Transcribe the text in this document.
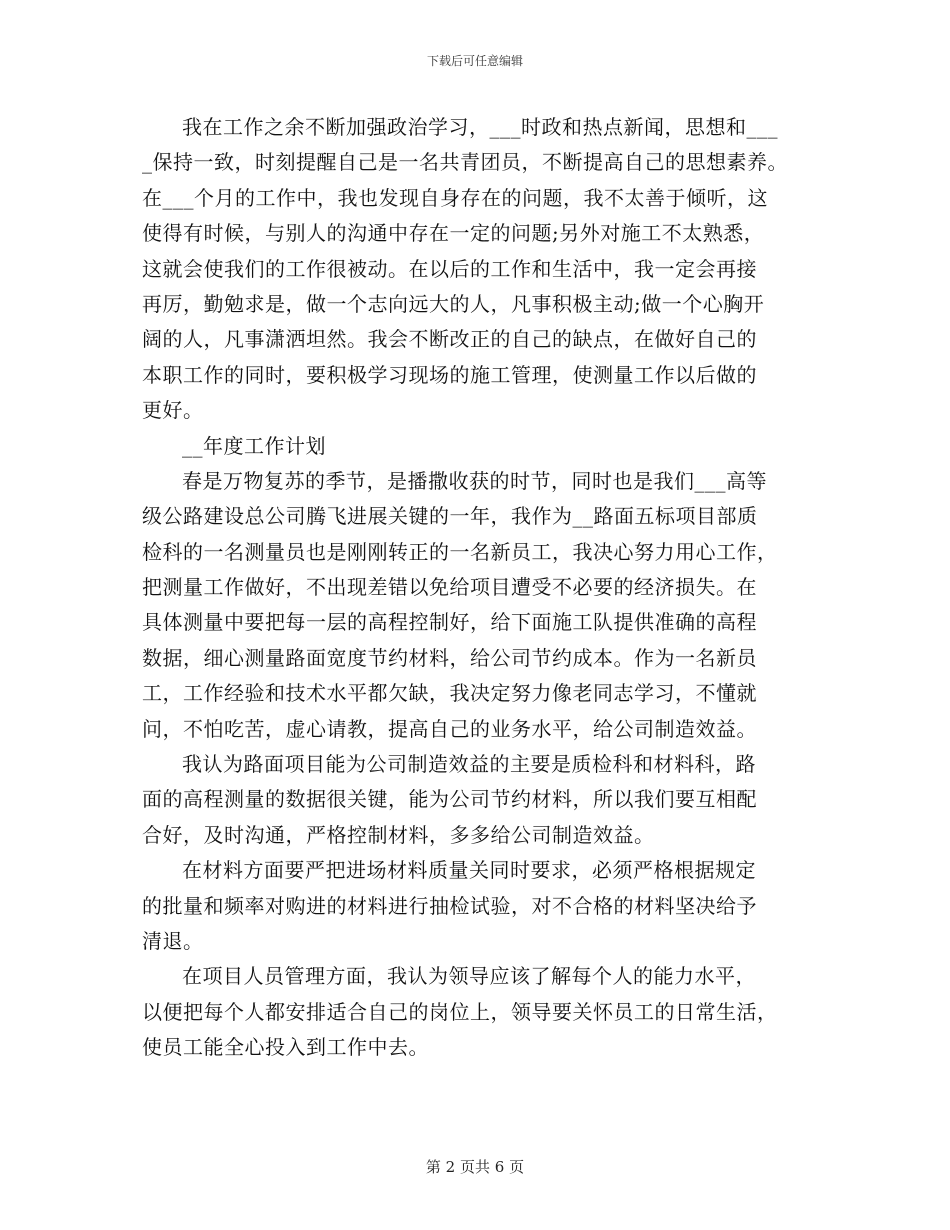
下载后可任意编辑
我在工作之余不断加强政治学习，___时政和热点新闻，思想和___
_保持一致，时刻提醒自己是一名共青团员，不断提高自己的思想素养。
在___个月的工作中，我也发现自身存在的问题，我不太善于倾听，这
使得有时候，与别人的沟通中存在一定的问题;另外对施工不太熟悉，
这就会使我们的工作很被动。在以后的工作和生活中，我一定会再接
再厉，勤勉求是，做一个志向远大的人，凡事积极主动;做一个心胸开
阔的人，凡事潇洒坦然。我会不断改正的自己的缺点，在做好自己的
本职工作的同时，要积极学习现场的施工管理，使测量工作以后做的
更好。
__年度工作计划
春是万物复苏的季节，是播撒收获的时节，同时也是我们___高等
级公路建设总公司腾飞进展关键的一年，我作为__路面五标项目部质
检科的一名测量员也是刚刚转正的一名新员工，我决心努力用心工作，
把测量工作做好，不出现差错以免给项目遭受不必要的经济损失。在
具体测量中要把每一层的高程控制好，给下面施工队提供准确的高程
数据，细心测量路面宽度节约材料，给公司节约成本。作为一名新员
工，工作经验和技术水平都欠缺，我决定努力像老同志学习，不懂就
问，不怕吃苦，虚心请教，提高自己的业务水平，给公司制造效益。
我认为路面项目能为公司制造效益的主要是质检科和材料科，路
面的高程测量的数据很关键，能为公司节约材料，所以我们要互相配
合好，及时沟通，严格控制材料，多多给公司制造效益。
在材料方面要严把进场材料质量关同时要求，必须严格根据规定
的批量和频率对购进的材料进行抽检试验，对不合格的材料坚决给予
清退。
在项目人员管理方面，我认为领导应该了解每个人的能力水平，
以便把每个人都安排适合自己的岗位上，领导要关怀员工的日常生活，
使员工能全心投入到工作中去。
第 2 页共 6 页
